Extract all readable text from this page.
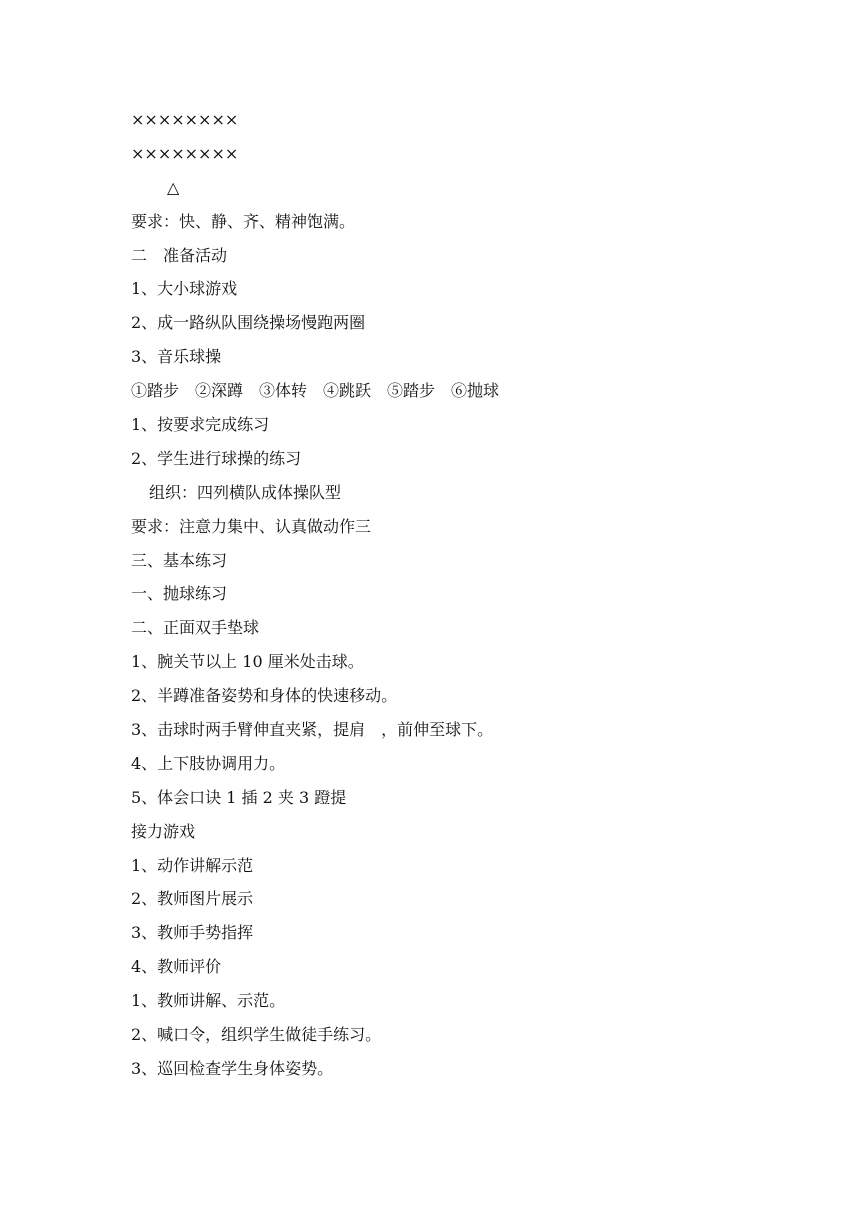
××××××××
××××××××
△
要求：快、静、齐、精神饱满。
二　准备活动
1、大小球游戏
2、成一路纵队围绕操场慢跑两圈
3、音乐球操
①踏步　②深蹲　③体转　④跳跃　⑤踏步　⑥抛球
1、按要求完成练习
2、学生进行球操的练习
组织：四列横队成体操队型
要求：注意力集中、认真做动作三
三、基本练习
一、抛球练习
二、正面双手垫球
1、腕关节以上 10 厘米处击球。
2、半蹲准备姿势和身体的快速移动。
3、击球时两手臂伸直夹紧，提肩　，前伸至球下。
4、上下肢协调用力。
5、体会口诀 1 插 2 夹 3 蹬提
接力游戏
1、动作讲解示范
2、教师图片展示
3、教师手势指挥
4、教师评价
1、教师讲解、示范。
2、喊口令，组织学生做徒手练习。
3、巡回检查学生身体姿势。
